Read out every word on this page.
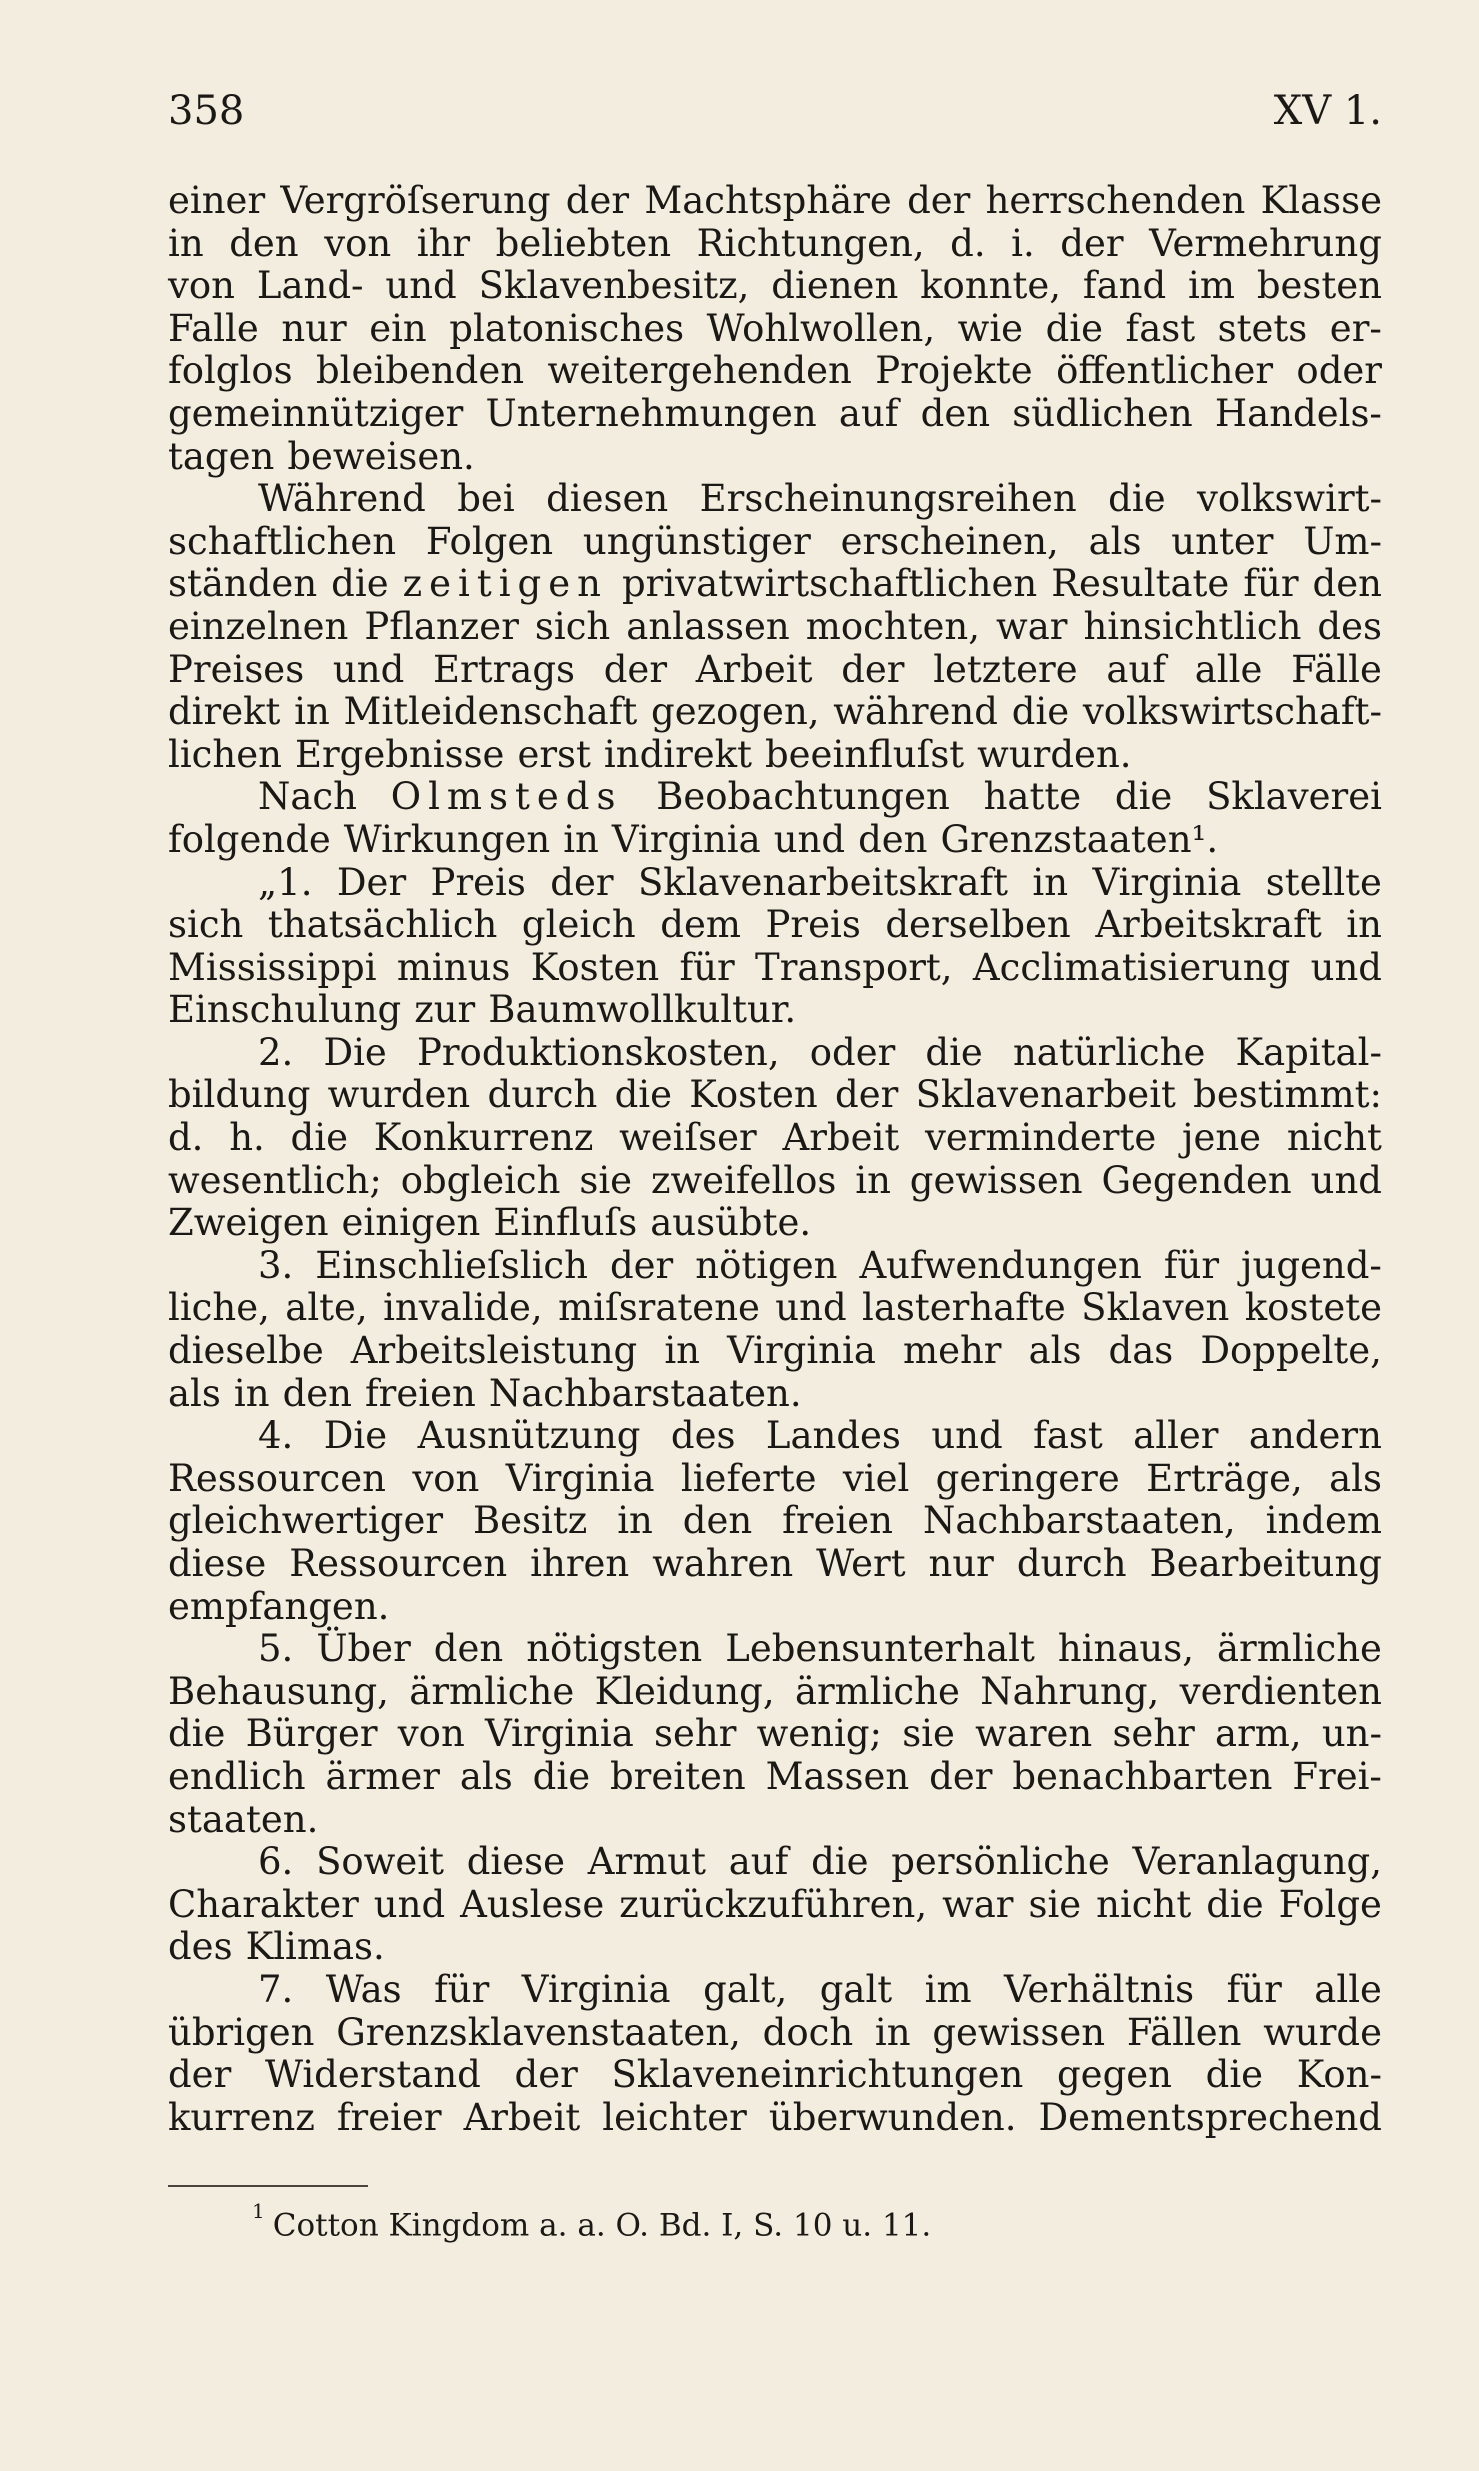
358	XV 1.
einer Vergröſserung der Machtsphäre der herrschenden Klasse
in den von ihr beliebten Richtungen, d. i. der Vermehrung
von Land- und Sklavenbesitz, dienen konnte, fand im besten
Falle nur ein platonisches Wohlwollen, wie die fast stets er-
folglos bleibenden weitergehenden Projekte öffentlicher oder
gemeinnütziger Unternehmungen auf den südlichen Handels-
tagen beweisen.
Während bei diesen Erscheinungsreihen die volkswirt-
schaftlichen Folgen ungünstiger erscheinen, als unter Um-
ständen die zeitigen privatwirtschaftlichen Resultate für den
einzelnen Pflanzer sich anlassen mochten, war hinsichtlich des
Preises und Ertrags der Arbeit der letztere auf alle Fälle
direkt in Mitleidenschaft gezogen, während die volkswirtschaft-
lichen Ergebnisse erst indirekt beeinfluſst wurden.
Nach Olmsteds Beobachtungen hatte die Sklaverei
folgende Wirkungen in Virginia und den Grenzstaaten¹.
„1. Der Preis der Sklavenarbeitskraft in Virginia stellte
sich thatsächlich gleich dem Preis derselben Arbeitskraft in
Mississippi minus Kosten für Transport, Acclimatisierung und
Einschulung zur Baumwollkultur.
2. Die Produktionskosten, oder die natürliche Kapital-
bildung wurden durch die Kosten der Sklavenarbeit bestimmt:
d. h. die Konkurrenz weiſser Arbeit verminderte jene nicht
wesentlich; obgleich sie zweifellos in gewissen Gegenden und
Zweigen einigen Einfluſs ausübte.
3. Einschlieſslich der nötigen Aufwendungen für jugend-
liche, alte, invalide, miſsratene und lasterhafte Sklaven kostete
dieselbe Arbeitsleistung in Virginia mehr als das Doppelte,
als in den freien Nachbarstaaten.
4. Die Ausnützung des Landes und fast aller andern
Ressourcen von Virginia lieferte viel geringere Erträge, als
gleichwertiger Besitz in den freien Nachbarstaaten, indem
diese Ressourcen ihren wahren Wert nur durch Bearbeitung
empfangen.
5. Über den nötigsten Lebensunterhalt hinaus, ärmliche
Behausung, ärmliche Kleidung, ärmliche Nahrung, verdienten
die Bürger von Virginia sehr wenig; sie waren sehr arm, un-
endlich ärmer als die breiten Massen der benachbarten Frei-
staaten.
6. Soweit diese Armut auf die persönliche Veranlagung,
Charakter und Auslese zurückzuführen, war sie nicht die Folge
des Klimas.
7. Was für Virginia galt, galt im Verhältnis für alle
übrigen Grenzsklavenstaaten, doch in gewissen Fällen wurde
der Widerstand der Sklaveneinrichtungen gegen die Kon-
kurrenz freier Arbeit leichter überwunden. Dementsprechend
$^1$ Cotton Kingdom a. a. O. Bd. I, S. 10 u. 11.
